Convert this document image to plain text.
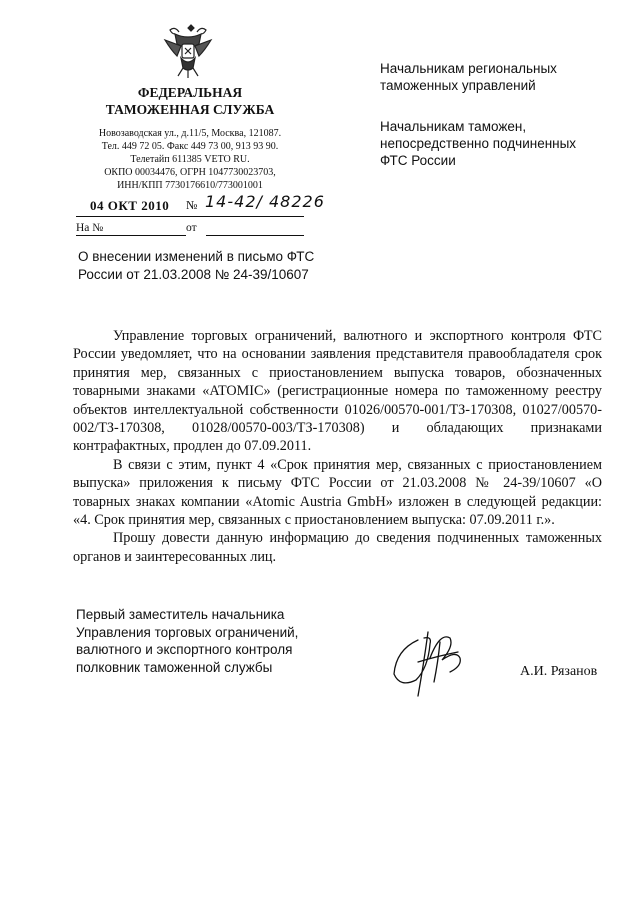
ФЕДЕРАЛЬНАЯ
ТАМОЖЕННАЯ СЛУЖБА
Новозаводская ул., д.11/5, Москва, 121087.
Тел. 449 72 05. Факс 449 73 00, 913 93 90.
Телетайп 611385 VETO RU.
ОКПО 00034476, ОГРН 1047730023703,
ИНН/КПП 7730176610/773001001
04 ОКТ 2010 № 14-42/ 48226
На №	от
Начальникам региональных
таможенных управлений
Начальникам таможен,
непосредственно подчиненных
ФТС России
О внесении изменений в письмо ФТС
России от 21.03.2008 № 24-39/10607

Управление торговых ограничений, валютного и экспортного контроля ФТС России уведомляет, что на основании заявления представителя правообладателя срок принятия мер, связанных с приостановлением выпуска товаров, обозначенных товарными знаками «ATOMIC» (регистрационные номера по таможенному реестру объектов интеллектуальной собственности 01026/00570-001/ТЗ-170308, 01027/00570-002/ТЗ-170308, 01028/00570-003/ТЗ-170308) и обладающих признаками контрафактных, продлен до 07.09.2011.

В связи с этим, пункт 4 «Срок принятия мер, связанных с приостановлением выпуска» приложения к письму ФТС России от 21.03.2008 № 24-39/10607 «О товарных знаках компании «Atomic Austria GmbH» изложен в следующей редакции: «4. Срок принятия мер, связанных с приостановлением выпуска: 07.09.2011 г.».

Прошу довести данную информацию до сведения подчиненных таможенных органов и заинтересованных лиц.

Первый заместитель начальника
Управления торговых ограничений,
валютного и экспортного контроля
полковник таможенной службы	А.И. Рязанов
